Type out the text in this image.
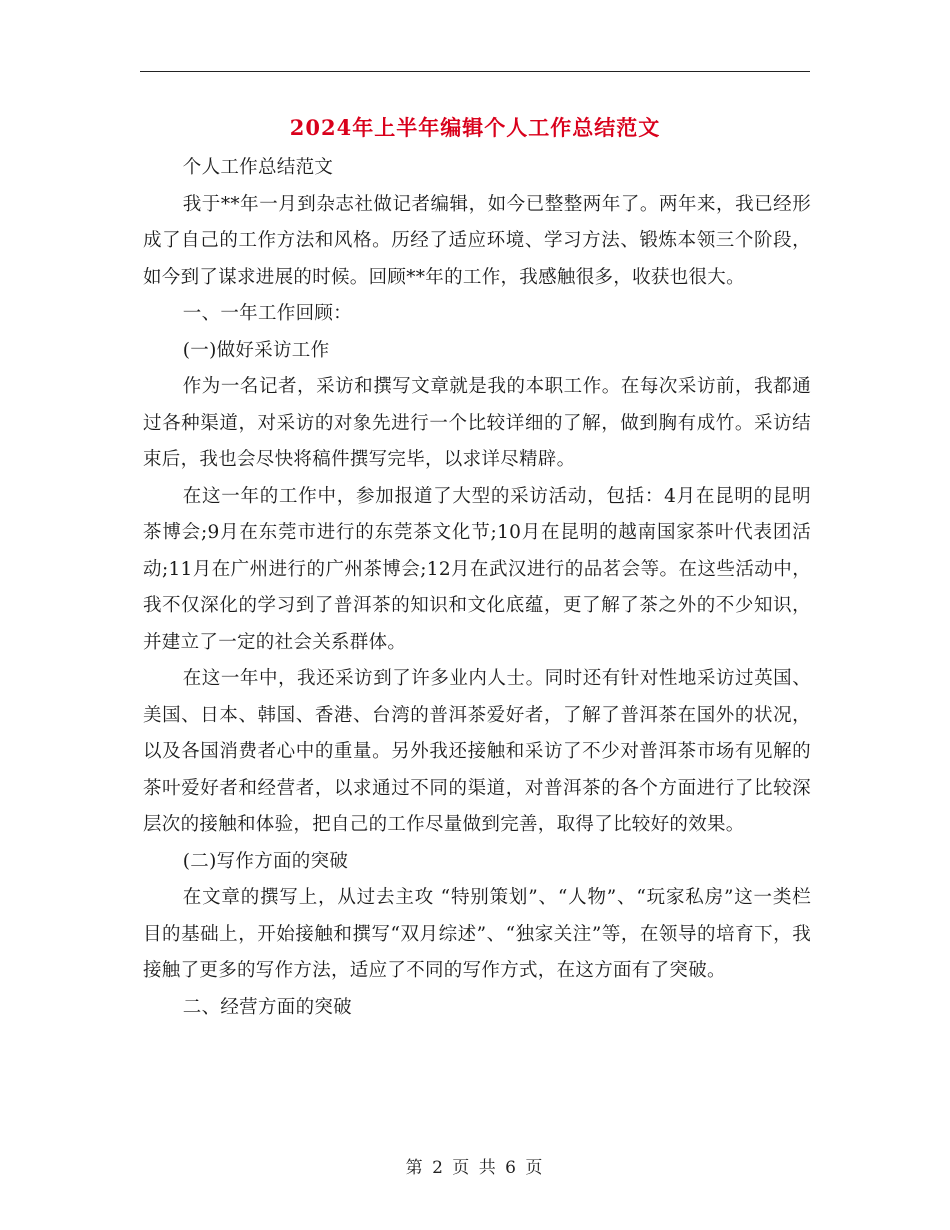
2024年上半年编辑个人工作总结范文

个人工作总结范文

我于**年一月到杂志社做记者编辑，如今已整整两年了。两年来，我已经形成了自己的工作方法和风格。历经了适应环境、学习方法、锻炼本领三个阶段，如今到了谋求进展的时候。回顾**年的工作，我感触很多，收获也很大。

一、一年工作回顾：

(一)做好采访工作

作为一名记者，采访和撰写文章就是我的本职工作。在每次采访前，我都通过各种渠道，对采访的对象先进行一个比较详细的了解，做到胸有成竹。采访结束后，我也会尽快将稿件撰写完毕，以求详尽精辟。

在这一年的工作中，参加报道了大型的采访活动，包括：4月在昆明的昆明茶博会;9月在东莞市进行的东莞茶文化节;10月在昆明的越南国家茶叶代表团活动;11月在广州进行的广州茶博会;12月在武汉进行的品茗会等。在这些活动中，我不仅深化的学习到了普洱茶的知识和文化底蕴，更了解了茶之外的不少知识，并建立了一定的社会关系群体。

在这一年中，我还采访到了许多业内人士。同时还有针对性地采访过英国、美国、日本、韩国、香港、台湾的普洱茶爱好者，了解了普洱茶在国外的状况，以及各国消费者心中的重量。另外我还接触和采访了不少对普洱茶市场有见解的茶叶爱好者和经营者，以求通过不同的渠道，对普洱茶的各个方面进行了比较深层次的接触和体验，把自己的工作尽量做到完善，取得了比较好的效果。

(二)写作方面的突破

在文章的撰写上，从过去主攻 “特别策划”、“人物”、“玩家私房”这一类栏目的基础上，开始接触和撰写“双月综述”、“独家关注”等，在领导的培育下，我接触了更多的写作方法，适应了不同的写作方式，在这方面有了突破。

二、经营方面的突破

第 2 页 共 6 页
